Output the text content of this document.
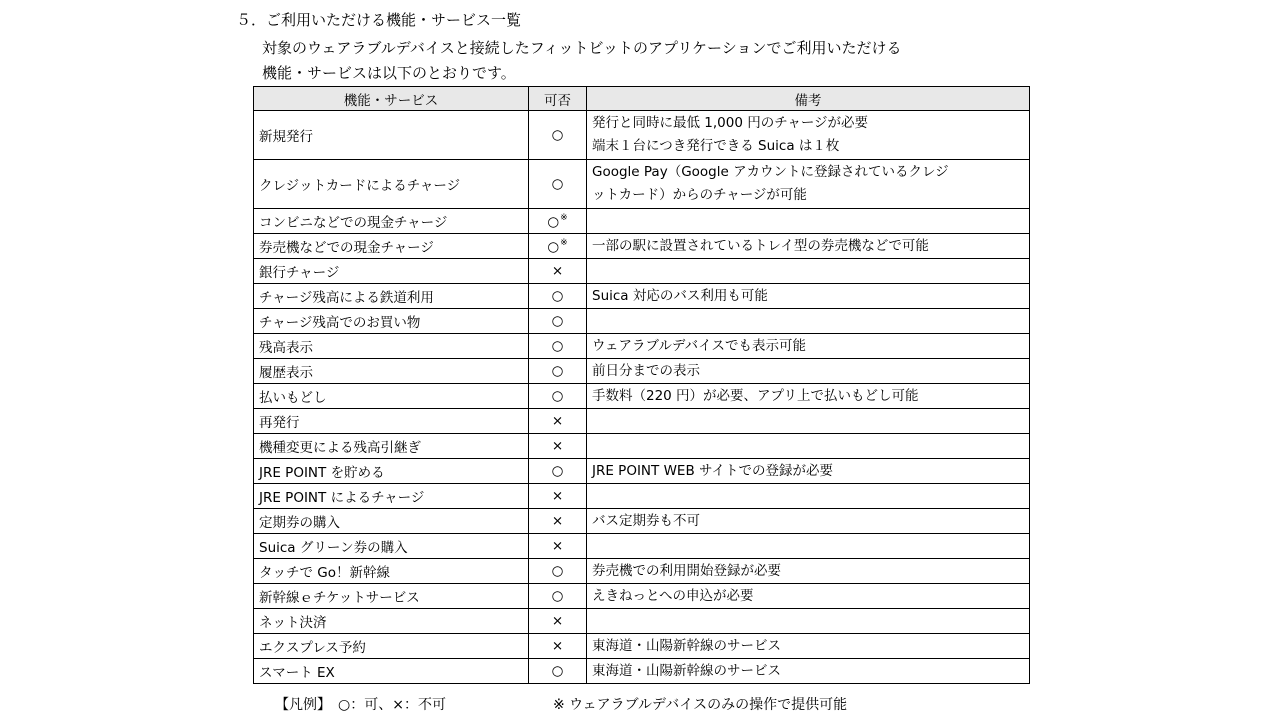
５．ご利用いただける機能・サービス一覧
対象のウェアラブルデバイスと接続したフィットビットのアプリケーションでご利用いただける
機能・サービスは以下のとおりです。
機能・サービス	可否	備考
新規発行	○	発行と同時に最低 1,000 円のチャージが必要
端末１台につき発行できる Suica は１枚

クレジットカードによるチャージ	○	Google Pay（Google アカウントに登録されているクレジ
ットカード）からのチャージが可能

コンビニなどでの現金チャージ	○※	

券売機などでの現金チャージ	○※	一部の駅に設置されているトレイ型の券売機などで可能

銀行チャージ	×	

チャージ残高による鉄道利用	○	Suica 対応のバス利用も可能

チャージ残高でのお買い物	○	

残高表示	○	ウェアラブルデバイスでも表示可能

履歴表示	○	前日分までの表示

払いもどし	○	手数料（220 円）が必要、アプリ上で払いもどし可能

再発行	×	

機種変更による残高引継ぎ	×	

JRE POINT を貯める	○	JRE POINT WEB サイトでの登録が必要

JRE POINT によるチャージ	×	

定期券の購入	×	バス定期券も不可

Suica グリーン券の購入	×	

タッチで Go！新幹線	○	券売機での利用開始登録が必要

新幹線ｅチケットサービス	○	えきねっとへの申込が必要

ネット決済	×	

エクスプレス予約	×	東海道・山陽新幹線のサービス

スマート EX	○	東海道・山陽新幹線のサービス
【凡例】　○：可、×：不可	※ ウェアラブルデバイスのみの操作で提供可能
